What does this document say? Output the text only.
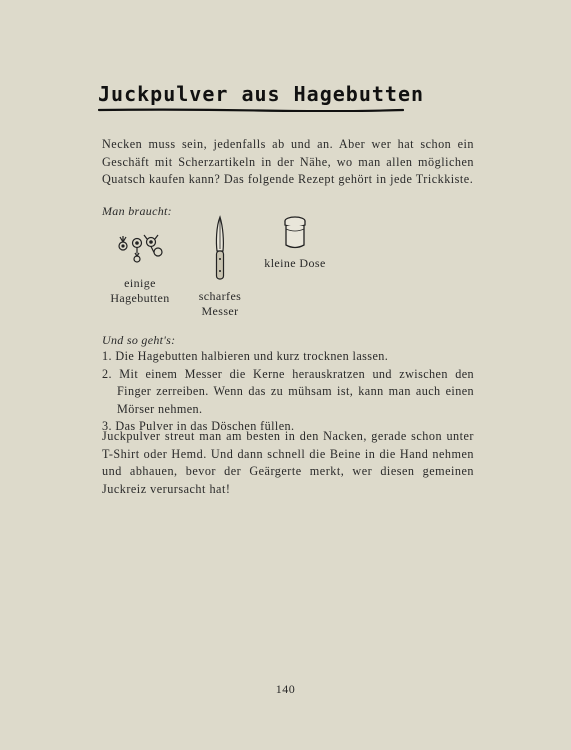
Juckpulver aus Hagebutten

Necken muss sein, jedenfalls ab und an. Aber wer hat schon ein Geschäft mit Scherzartikeln in der Nähe, wo man allen möglichen Quatsch kaufen kann? Das folgende Rezept gehört in jede Trickkiste.

Man braucht:
einige
Hagebutten	scharfes
Messer
kleine Dose
Und so geht's:
1. Die Hagebutten halbieren und kurz trocknen lassen.
2. Mit einem Messer die Kerne herauskratzen und zwischen den Finger zerreiben. Wenn das zu mühsam ist, kann man auch einen Mörser nehmen.
3. Das Pulver in das Döschen füllen.

Juckpulver streut man am besten in den Nacken, gerade schon unter T-Shirt oder Hemd. Und dann schnell die Beine in die Hand nehmen und abhauen, bevor der Geärgerte merkt, wer diesen gemeinen Juckreiz verursacht hat!

140
